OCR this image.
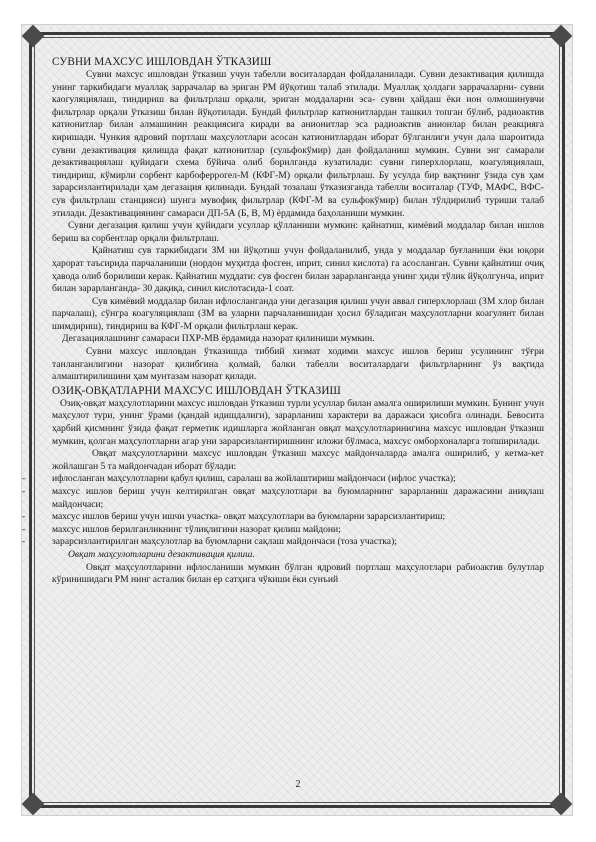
СУВНИ МАХСУС ИШЛОВДАН ЎТКАЗИШ

Сувни махсус ишловдан ўтказиш учун табелли воситалардан фойдаланилади. Сувни дезактивация қилишда унинг таркибидаги муаллақ заррачалар ва эриган РМ йўқотиш талаб этилади. Муаллақ ҳолдаги заррачаларни- сувни каогуляциялаш, тиндириш ва фильтрлаш орқали, эриган моддаларни эса- сувни ҳайдаш ёки ион олмошинувчи фильтрлар орқали ўтказиш билан йўқотилади. Бундай фильтрлар катионитлардан ташкил топган бўлиб, радиоактив катионитлар билан алмашинин реакциясига киради ва анионитлар эса радиоактив анионлар билан реакцияга киришади. Чункия ядровий портлаш маҳсулотлари асосан катионитлардан иборат бўлганлиги учун дала шароитида сувни дезактивация қилишда фақат катионитлар (сульфокўмир) дан фойдаланиш мумкин. Сувни энг самарали дезактивациялаш қуйидаги схема бўйича олиб борилганда кузатилади: сувни гиперхлорлаш, коагуляциялаш, тиндириш, кўмирли сорбент карбоферрогел-М (КФГ-М) орқали фильтрлаш. Бу усулда бир вақтнинг ўзида сув ҳам зарарсизлантирилади ҳам дегазация қилинади. Бундай тозалаш ўтказизганда табелли воситалар (ТУФ, МАФС, ВФС-сув фильтрлаш станцияси) шунга мувофиқ фильтрлар (КФГ-М ва сульфокўмир) билан тўлдирилиб туриши талаб этилади. Дезактивациянинг самараси ДП-5А (Б, В, М) ёрдамида баҳоланиши мумкин.

Сувни дегазация қилиш учун қуйидаги усуллар қўлланиши мумкин: қайнатиш, кимёвий моддалар билан ишлов бериш ва сорбентлар орқали фильтрлаш.

Қайнатиш сув таркибидаги ЗМ ни йўқотиш учун фойдаланилиб, унда у моддалар буғланиши ёки юқори ҳарорат таъсирида парчаланиши (нордон муҳитда фосген, иприт, синил кислота) га асосланган. Сувни қайнатиш очиқ ҳавода олиб борилиши керак. Қайнатиш муддати: сув фосген билан зарарланганда унинг ҳиди тўлик йўқолгунча, иприт билан зарарланганда- 30 дақиқа, синил кислотасида-1 соат.

Сув кимёвий моддалар билан ифлосланганда уни дегазация қилиш учун аввал гиперхлорлаш (ЗМ хлор билан парчалаш), сўнгра коагуляциялаш (ЗМ ва уларни парчаланишидан ҳосил бўладиган маҳсулотларни коагулянт билан шимдириш), тиндириш ва КФГ-М орқали фильтрлаш керак.

Дегазациялашнинг самараси ПХР-МВ ёрдамида назорат қилиниши мумкин.

Сувни махсус ишловдан ўтказишда тиббий хизмат ходими махсус ишлов бериш усулининг тўғри танланганлигини назорат қилибгина қолмай, балки табелли воситалардаги фильтрларнинг ўз вақтида алмаштирилишини ҳам мунтазам назорат қилади.

ОЗИҚ-ОВҚАТЛАРНИ МАХСУС ИШЛОВДАН ЎТКАЗИШ

Озиқ-овқат маҳсулотларини махсус ишловдан ўтказиш турли усуллар билан амалга оширилиши мумкин. Бунинг учун маҳсулот тури, унинг ўрами (қандай идишдалиги), зарарланиш характери ва даражаси ҳисобга олинади. Бевосита ҳарбий қисмнинг ўзида фақат герметик идишларга жойланган овқат маҳсулотларинигина махсус ишловдан ўтказиш мумкин, қолган маҳсулотларни агар уни зарарсизлантиришнинг иложи бўлмаса, махсус омборхоналарга топширилади.

Овқат маҳсулотларини махсус ишловдан ўтказиш махсус майдончаларда амалга оширилиб, у кетма-кет жойлашган 5 та майдончадан иборат бўлади:

-	ифлосланган маҳсулотларни қабул қилиш, саралаш ва жойлаштириш майдончаси (ифлос участка);
-	махсус ишлов бериш учун келтирилган овқат маҳсулотлари ва буюмларнинг зарарланиш даражасини аниқлаш майдончаси;
-	махсус ишлов бериш учун ишчи участка- овқат маҳсулотлари ва буюмларни зарарсизлантириш;
-	махсус ишлов берилганликнинг тўлиқлигини назорат қилиш майдони;
-	зарарсизлантирилган маҳсулотлар ва буюмларни сақлаш майдончаси (тоза участка);

Овқат маҳсулотларини дезактивация қилиш.

Овқат маҳсулотларини ифлосланиши мумкин бўлган ядровий портлаш маҳсулотлари рабиоактив булутлар кўринишидаги РМ нинг асталик билан ер сатҳига чўкиши ёки сунъий

2
